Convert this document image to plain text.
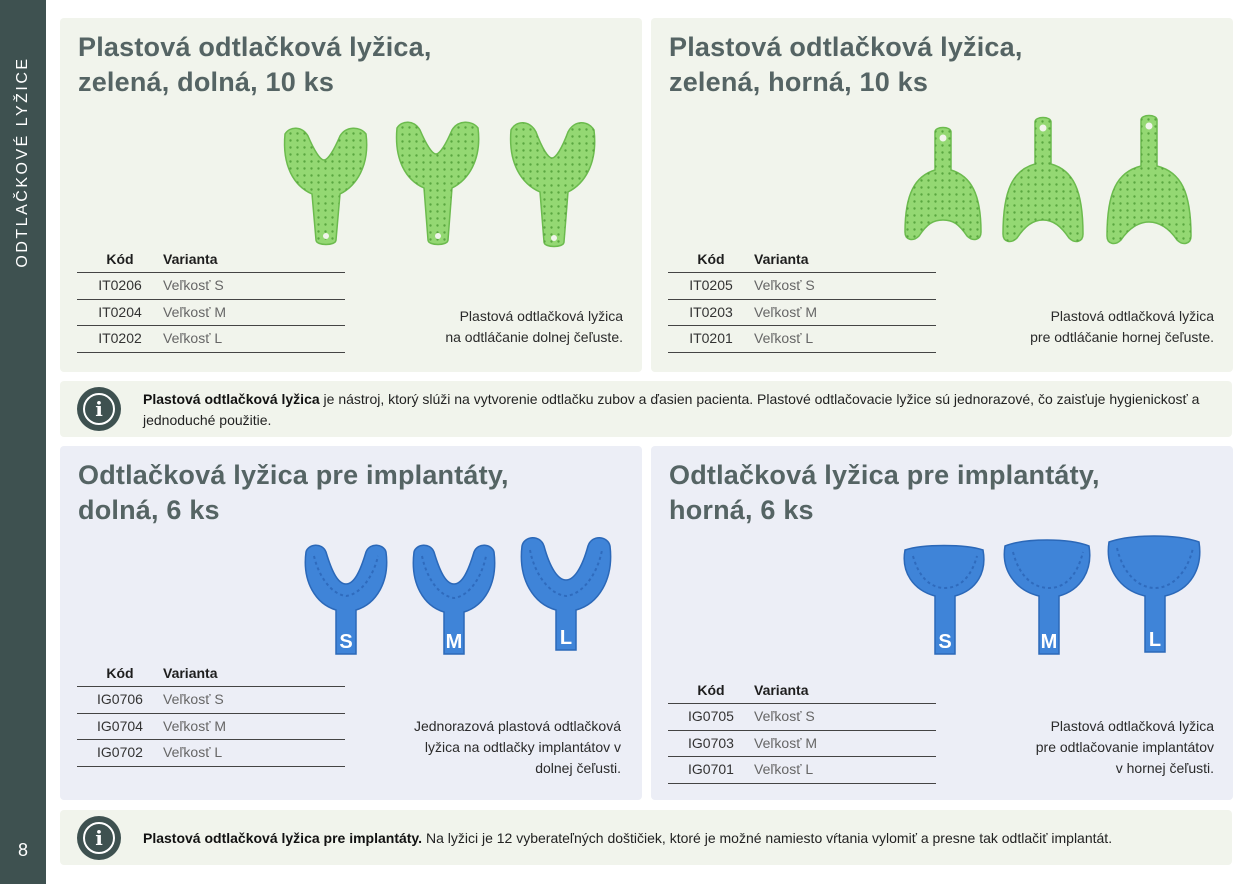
ODTLAČKOVÉ LYŽICE
8
Plastová odtlačková lyžica,
zelená, dolná, 10 ks
Kód	Varianta
IT0206	Veľkosť S
IT0204	Veľkosť M
IT0202	Veľkosť L
Plastová odtlačková lyžica
na odtláčanie dolnej čeľuste.
Plastová odtlačková lyžica,
zelená, horná, 10 ks
Kód	Varianta
IT0205	Veľkosť S
IT0203	Veľkosť M
IT0201	Veľkosť L
Plastová odtlačková lyžica
pre odtláčanie hornej čeľuste.
i	Plastová odtlačková lyžica je nástroj, ktorý slúži na vytvorenie odtlačku zubov a ďasien pacienta. Plastové odtlačovacie lyžice sú jednorazové, čo zaisťuje hygienickosť a jednoduché použitie.
Odtlačková lyžica pre implantáty,
dolná, 6 ks
S	M	L
Kód	Varianta
IG0706	Veľkosť S
IG0704	Veľkosť M
IG0702	Veľkosť L
Jednorazová plastová odtlačková
lyžica na odtlačky implantátov v
dolnej čeľusti.
Odtlačková lyžica pre implantáty,
horná, 6 ks
S	M	L
Kód	Varianta
IG0705	Veľkosť S
IG0703	Veľkosť M
IG0701	Veľkosť L
Plastová odtlačková lyžica
pre odtlačovanie implantátov
v hornej čeľusti.
i	Plastová odtlačková lyžica pre implantáty. Na lyžici je 12 vyberateľných doštičiek, ktoré je možné namiesto vŕtania vylomiť a presne tak odtlačiť implantát.
